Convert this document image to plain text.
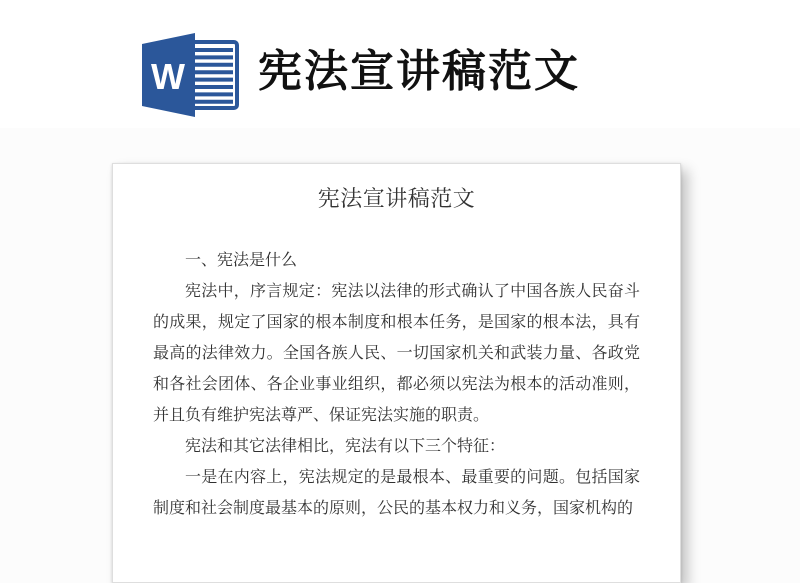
W 宪法宣讲稿范文
宪法宣讲稿范文

一、宪法是什么

宪法中，序言规定：宪法以法律的形式确认了中国各族人民奋斗的成果，规定了国家的根本制度和根本任务，是国家的根本法，具有最高的法律效力。全国各族人民、一切国家机关和武装力量、各政党和各社会团体、各企业事业组织，都必须以宪法为根本的活动准则，并且负有维护宪法尊严、保证宪法实施的职责。

宪法和其它法律相比，宪法有以下三个特征：

一是在内容上，宪法规定的是最根本、最重要的问题。包括国家制度和社会制度最基本的原则，公民的基本权力和义务，国家机构的
